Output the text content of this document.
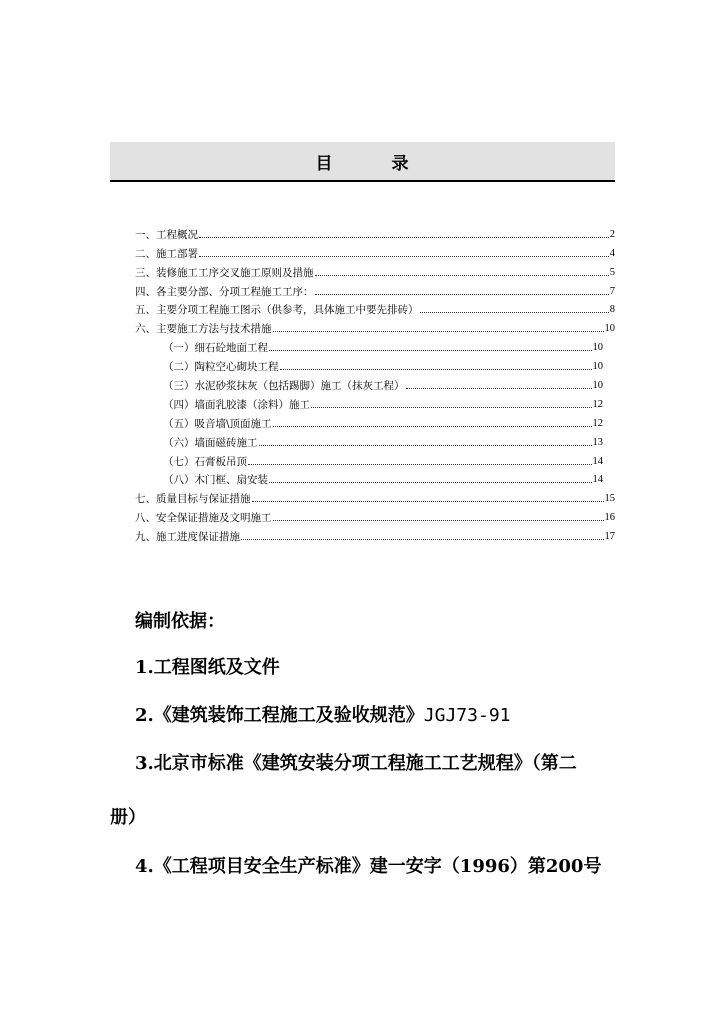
目	录
一、工程概况	2
二、施工部署	4
三、装修施工工序交叉施工原则及措施	5
四、各主要分部、分项工程施工工序：	7
五、主要分项工程施工图示（供参考，具体施工中要先排砖）	8
六、主要施工方法与技术措施	10
（一）细石砼地面工程	10
（二）陶粒空心砌块工程	10
（三）水泥砂浆抹灰（包括踢脚）施工（抹灰工程）	10
（四）墙面乳胶漆（涂料）施工	12
（五）吸音墙\顶面施工	12
（六）墙面磁砖施工	13
（七）石膏板吊顶	14
（八）木门框、扇安装	14
七、质量目标与保证措施	15
八、安全保证措施及文明施工	16
九、施工进度保证措施	17
编制依据：
1.工程图纸及文件
2.《建筑装饰工程施工及验收规范》JGJ73-91
3.北京市标准《建筑安装分项工程施工工艺规程》（第二
册）
4.《工程项目安全生产标准》建一安字（1996）第200号
